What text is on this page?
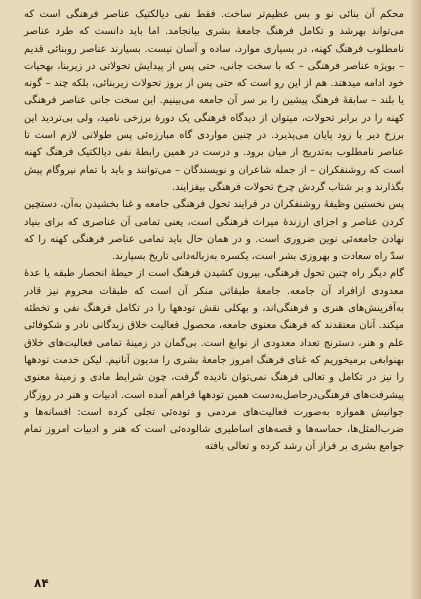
محکم آن بنائی نو و بس عظیم‌تر ساخت. فقط نفی دیالکتیک عناصر فرهنگی است که می‌تواند بهرشد و تکامل فرهنگ جامعهٔ بشری بیانجامد. اما باید دانست که طرد عناصر نامطلوب فرهنگ کهنه، در بسیاری موارد، ساده و آسان نیست. بسیارند عناصر روبنائی قدیم – بویژه عناصر فرهنگی – که با سخت جانی، حتی پس از پیدایش تحولاتی در زیربنا، بهحیات خود ادامه میدهند. هم از این رو است که حتی پس از بروز تحولات زیربنائی، بلکه چند – گونه یا بلند – سابقهٔ فرهنگ پیشین را بر سر آن جامعه می‌بینیم. این سخت جانی عناصر فرهنگی کهنه را در برابر تحولات، میتوان از دیدگاه فرهنگی یک دورهٔ برزخی نامید، ولی بی‌تردید این برزخ دیر یا زود پایان می‌پذیرد. در چنین مواردی گاه مبارزه‌ئی پس طولانی لازم است تا عناصر نامطلوب به‌تدریج از میان برود. و درست در همین رابطهٔ نفی دیالکتیک فرهنگ کهنه است که روشنفکران – از جمله شاعران و نویسندگان – می‌توانند و باید با تمام نیروگام پیش بگذارند و بر شتاب گردش چرخ تحولات فرهنگی بیفزایند.

پس نخستین وظیفهٔ روشنفکران در فرایند تحول فرهنگی جامعه و غنا بخشیدن به‌آن، دستچین کردن عناصر و اجزای ارزندهٔ میراث فرهنگی است، یعنی تمامی آن عناصری که برای بنیاد نهادن جامعه‌ئی نوین ضروری است. و در همان حال باید تمامی عناصر فرهنگی کهنه را که سدّ راه سعادت و بهروزی بشر است، یکسره به‌زباله‌دانی تاریخ بسپارند.

گام دیگر راه چنین تحول فرهنگی، بیرون کشیدن فرهنگ است از حیطهٔ انحصار طبقه یا عدهٔ معدودی ازافراد آن جامعه. جامعهٔ طبقاتی منکر آن است که طبقات محروم نیز قادر به‌آفرینش‌های هنری و فرهنگی‌اند، و بهکلی نقش تودهها را در تکامل فرهنگ نفی و تخطئه میکند. آنان معتقدند که فرهنگ معنوی جامعه، محصول فعالیت خلاق زبدگانی نادر و شکوفائی علم و هنر، دسترنج تعداد معدودی از نوابغ است. بی‌گمان در زمینهٔ تمامی فعالیت‌های خلاق بهنوابغی برمیخوریم که غنای فرهنگ امروز جامعهٔ بشری را مدیون آنانیم. لیکن خدمت تودهها را نیز در تکامل و تعالی فرهنگ نمی‌توان نادیده گرفت، چون شرایط مادی و زمینهٔ معنوی پیشرفت‌های فرهنگی‌درحاصل‌به‌دست همین تودهها فراهم آمده است. ادبیات و هنر در روزگار جوانیش همواره به‌صورت فعالیت‌های مردمی و توده‌ئی تجلی کرده است: افسانه‌ها و ضرب‌المثل‌ها، حماسه‌ها و قصه‌های اساطیری شالوده‌ئی است که هنر و ادبیات امروز تمام جوامع بشری بر فراز آن رشد کرده و تعالی یافته

۸۴
